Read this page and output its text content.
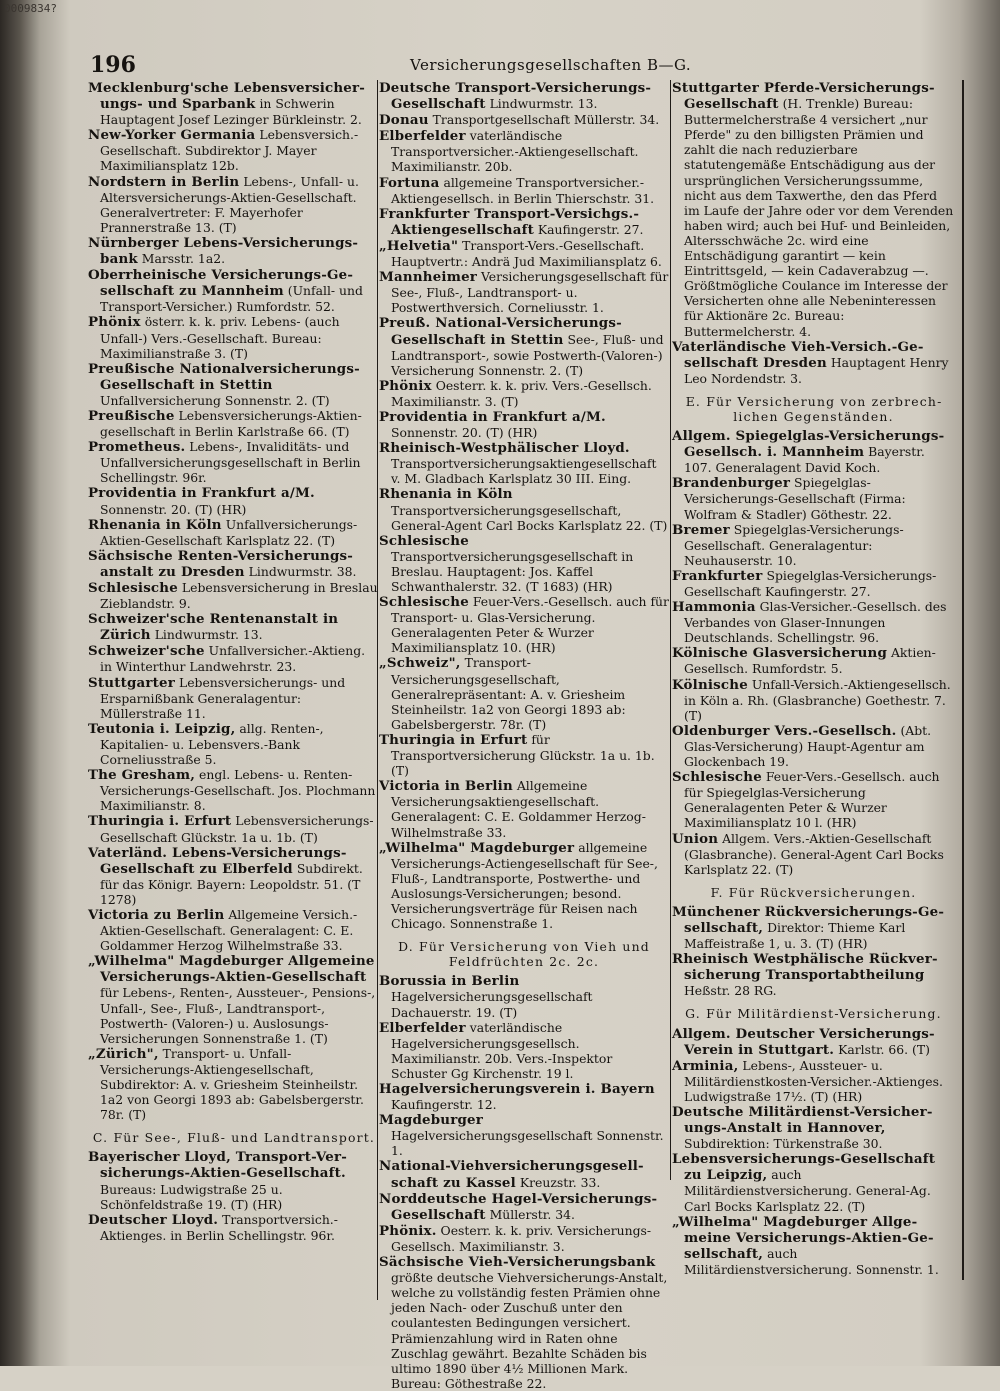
0009834?
196	Versicherungsgesellschaften B—G.
Mecklenburg'sche Lebensversicherungs- und Sparbank in Schwerin Hauptagent Josef Lezinger Bürkleinstr. 2.
New-Yorker Germania Lebensversich.-Gesellschaft. Subdirektor J. Mayer Maximiliansplatz 12b.
Nordstern in Berlin Lebens-, Unfall- u. Altersversicherungs-Aktien-Gesellschaft. Generalvertreter: F. Mayerhofer Prannerstraße 13. (T)
Nürnberger Lebens-Versicherungsbank Marsstr. 1a2.
Oberrheinische Versicherungs-Gesellschaft zu Mannheim (Unfall- und Transport-Versicher.) Rumfordstr. 52.
Phönix österr. k. k. priv. Lebens- (auch Unfall-) Vers.-Gesellschaft. Bureau: Maximilianstraße 3. (T)
Preußische Nationalversicherungs-Gesellschaft in Stettin Unfallversicherung Sonnenstr. 2. (T)
Preußische Lebensversicherungs-Aktien-gesellschaft in Berlin Karlstraße 66. (T)
Prometheus. Lebens-, Invaliditäts- und Unfallversicherungsgesellschaft in Berlin Schellingstr. 96r.
Providentia in Frankfurt a/M. Sonnenstr. 20. (T) (HR)
Rhenania in Köln Unfallversicherungs-Aktien-Gesellschaft Karlsplatz 22. (T)
Sächsische Renten-Versicherungsanstalt zu Dresden Lindwurmstr. 38.
Schlesische Lebensversicherung in Breslau Zieblandstr. 9.
Schweizer'sche Rentenanstalt in Zürich Lindwurmstr. 13.
Schweizer'sche Unfallversicher.-Aktieng. in Winterthur Landwehrstr. 23.
Stuttgarter Lebensversicherungs- und Ersparnißbank Generalagentur: Müllerstraße 11.
Teutonia i. Leipzig, allg. Renten-, Kapitalien- u. Lebensvers.-Bank Corneliusstraße 5.
The Gresham, engl. Lebens- u. Renten-Versicherungs-Gesellschaft. Jos. Plochmann Maximilianstr. 8.
Thuringia i. Erfurt Lebensversicherungs-Gesellschaft Glückstr. 1a u. 1b. (T)
Vaterländ. Lebens-Versicherungs-Gesellschaft zu Elberfeld Subdirekt. für das Königr. Bayern: Leopoldstr. 51. (T 1278)
Victoria zu Berlin Allgemeine Versich.-Aktien-Gesellschaft. Generalagent: C. E. Goldammer Herzog Wilhelmstraße 33.
„Wilhelma" Magdeburger Allgemeine Versicherungs-Aktien-Gesellschaft für Lebens-, Renten-, Aussteuer-, Pensions-, Unfall-, See-, Fluß-, Landtransport-, Postwerth- (Valoren-) u. Auslosungs-Versicherungen Sonnenstraße 1. (T)
„Zürich", Transport- u. Unfall-Versicherungs-Aktiengesellschaft, Subdirektor: A. v. Griesheim Steinheilstr. 1a2 von Georgi 1893 ab: Gabelsbergerstr. 78r. (T)
C. Für See-, Fluß- und Landtransport.
Bayerischer Lloyd, Transport-Versicherungs-Aktien-Gesellschaft. Bureaus: Ludwigstraße 25 u. Schönfeldstraße 19. (T) (HR)
Deutscher Lloyd. Transportversich.-Aktienges. in Berlin Schellingstr. 96r.
Deutsche Transport-Versicherungs-Gesellschaft Lindwurmstr. 13.
Donau Transportgesellschaft Müllerstr. 34.
Elberfelder vaterländische Transportversicher.-Aktiengesellschaft. Maximilianstr. 20b.
Fortuna allgemeine Transportversicher.-Aktiengesellsch. in Berlin Thierschstr. 31.
Frankfurter Transport-Versichgs.-Aktiengesellschaft Kaufingerstr. 27.
„Helvetia" Transport-Vers.-Gesellschaft. Hauptvertr.: Andrä Jud Maximiliansplatz 6.
Mannheimer Versicherungsgesellschaft für See-, Fluß-, Landtransport- u. Postwerthversich. Corneliusstr. 1.
Preuß. National-Versicherungs-Gesellschaft in Stettin See-, Fluß- und Landtransport-, sowie Postwerth-(Valoren-) Versicherung Sonnenstr. 2. (T)
Phönix Oesterr. k. k. priv. Vers.-Gesellsch. Maximilianstr. 3. (T)
Providentia in Frankfurt a/M. Sonnenstr. 20. (T) (HR)
Rheinisch-Westphälischer Lloyd. Transportversicherungsaktiengesellschaft v. M. Gladbach Karlsplatz 30 III. Eing.
Rhenania in Köln Transportversicherungsgesellschaft, General-Agent Carl Bocks Karlsplatz 22. (T)
Schlesische Transportversicherungsgesellschaft in Breslau. Hauptagent: Jos. Kaffel Schwanthalerstr. 32. (T 1683) (HR)
Schlesische Feuer-Vers.-Gesellsch. auch für Transport- u. Glas-Versicherung. Generalagenten Peter & Wurzer Maximiliansplatz 10. (HR)
„Schweiz", Transport-Versicherungsgesellschaft, Generalrepräsentant: A. v. Griesheim Steinheilstr. 1a2 von Georgi 1893 ab: Gabelsbergerstr. 78r. (T)
Thuringia in Erfurt für Transportversicherung Glückstr. 1a u. 1b. (T)
Victoria in Berlin Allgemeine Versicherungsaktiengesellschaft. Generalagent: C. E. Goldammer Herzog-Wilhelmstraße 33.
„Wilhelma" Magdeburger allgemeine Versicherungs-Actiengesellschaft für See-, Fluß-, Landtransporte, Postwerthe- und Auslosungs-Versicherungen; besond. Versicherungsverträge für Reisen nach Chicago. Sonnenstraße 1.
D. Für Versicherung von Vieh und Feldfrüchten 2c. 2c.
Borussia in Berlin Hagelversicherungsgesellschaft Dachauerstr. 19. (T)
Elberfelder vaterländische Hagelversicherungsgesellsch. Maximilianstr. 20b. Vers.-Inspektor Schuster Gg Kirchenstr. 19 l.
Hagelversicherungsverein i. Bayern Kaufingerstr. 12.
Magdeburger Hagelversicherungsgesellschaft Sonnenstr. 1.
National-Viehversicherungsgesellschaft zu Kassel Kreuzstr. 33.
Norddeutsche Hagel-Versicherungs-Gesellschaft Müllerstr. 34.
Phönix. Oesterr. k. k. priv. Versicherungs-Gesellsch. Maximilianstr. 3.
Sächsische Vieh-Versicherungsbank größte deutsche Viehversicherungs-Anstalt, welche zu vollständig festen Prämien ohne jeden Nach- oder Zuschuß unter den coulantesten Bedingungen versichert. Prämienzahlung wird in Raten ohne Zuschlag gewährt. Bezahlte Schäden bis ultimo 1890 über 4½ Millionen Mark. Bureau: Göthestraße 22.
Stuttgarter Pferde-Versicherungs-Gesellschaft (H. Trenkle) Bureau: Buttermelcherstraße 4 versichert „nur Pferde" zu den billigsten Prämien und zahlt die nach reduzierbare statutengemäße Entschädigung aus der ursprünglichen Versicherungssumme, nicht aus dem Taxwerthe, den das Pferd im Laufe der Jahre oder vor dem Verenden haben wird; auch bei Huf- und Beinleiden, Altersschwäche 2c. wird eine Entschädigung garantirt — kein Eintrittsgeld, — kein Cadaverabzug —. Größtmögliche Coulance im Interesse der Versicherten ohne alle Nebeninteressen für Aktionäre 2c. Bureau: Buttermelcherstr. 4.
Vaterländische Vieh-Versich.-Gesellschaft Dresden Hauptagent Henry Leo Nordendstr. 3.
E. Für Versicherung von zerbrechlichen Gegenständen.
Allgem. Spiegelglas-Versicherungs-Gesellsch. i. Mannheim Bayerstr. 107. Generalagent David Koch.
Brandenburger Spiegelglas-Versicherungs-Gesellschaft (Firma: Wolfram & Stadler) Göthestr. 22.
Bremer Spiegelglas-Versicherungs-Gesellschaft. Generalagentur: Neuhauserstr. 10.
Frankfurter Spiegelglas-Versicherungs-Gesellschaft Kaufingerstr. 27.
Hammonia Glas-Versicher.-Gesellsch. des Verbandes von Glaser-Innungen Deutschlands. Schellingstr. 96.
Kölnische Glasversicherung Aktien-Gesellsch. Rumfordstr. 5.
Kölnische Unfall-Versich.-Aktiengesellsch. in Köln a. Rh. (Glasbranche) Goethestr. 7. (T)
Oldenburger Vers.-Gesellsch. (Abt. Glas-Versicherung) Haupt-Agentur am Glockenbach 19.
Schlesische Feuer-Vers.-Gesellsch. auch für Spiegelglas-Versicherung Generalagenten Peter & Wurzer Maximiliansplatz 10 l. (HR)
Union Allgem. Vers.-Aktien-Gesellschaft (Glasbranche). General-Agent Carl Bocks Karlsplatz 22. (T)
F. Für Rückversicherungen.
Münchener Rückversicherungs-Gesellschaft, Direktor: Thieme Karl Maffeistraße 1, u. 3. (T) (HR)
Rheinisch Westphälische Rückversicherung Transportabtheilung Heßstr. 28 RG.
G. Für Militärdienst-Versicherung.
Allgem. Deutscher Versicherungs-Verein in Stuttgart. Karlstr. 66. (T)
Arminia, Lebens-, Aussteuer- u. Militärdienstkosten-Versicher.-Aktienges. Ludwigstraße 17½. (T) (HR)
Deutsche Militärdienst-Versicherungs-Anstalt in Hannover, Subdirektion: Türkenstraße 30.
Lebensversicherungs-Gesellschaft zu Leipzig, auch Militärdienstversicherung. General-Ag. Carl Bocks Karlsplatz 22. (T)
„Wilhelma" Magdeburger Allgemeine Versicherungs-Aktien-Gesellschaft, auch Militärdienstversicherung. Sonnenstr. 1.
